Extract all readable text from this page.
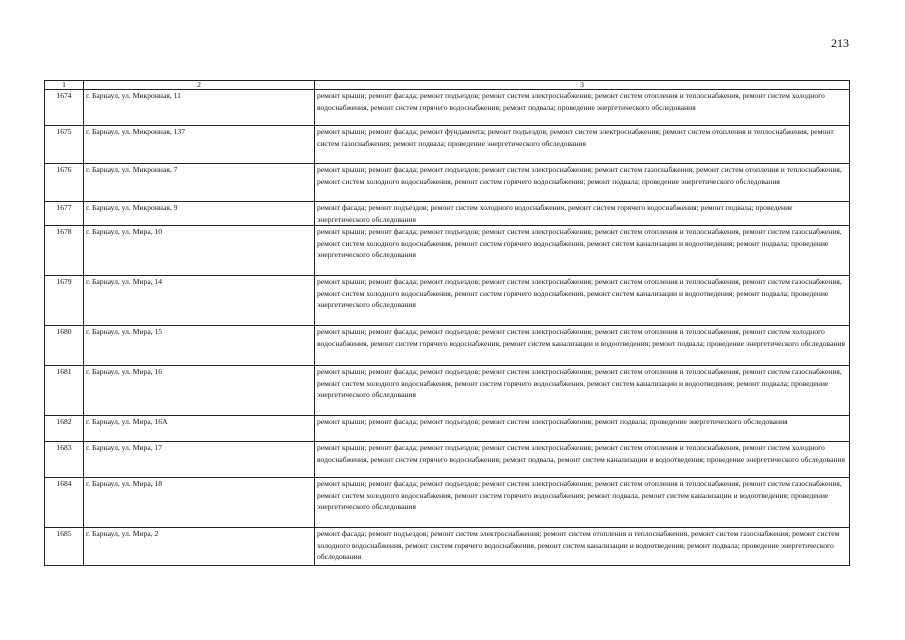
213
1	2	3
1674	г. Барнаул, ул. Микронная, 11	ремонт крыши; ремонт фасада; ремонт подъездов; ремонт систем электроснабжения; ремонт систем отопления и теплоснабжения, ремонт систем холодного водоснабжения, ремонт систем горячего водоснабжения; ремонт подвала; проведение энергетического обследования
1675	г. Барнаул, ул. Микронная, 137	ремонт крыши; ремонт фасада; ремонт фундамента; ремонт подъездов; ремонт систем электроснабжения; ремонт систем отопления и теплоснабжения, ремонт систем газоснабжения; ремонт подвала; проведение энергетического обследования
1676	г. Барнаул, ул. Микронная, 7	ремонт крыши; ремонт фасада; ремонт подъездов; ремонт систем электроснабжения; ремонт систем газоснабжения, ремонт систем отопления и теплоснабжения, ремонт систем холодного водоснабжения, ремонт систем горячего водоснабжения; ремонт подвала; проведение энергетического обследования
1677	г. Барнаул, ул. Микронная, 9	ремонт фасада; ремонт подъездов; ремонт систем холодного водоснабжения, ремонт систем горячего водоснабжения; ремонт подвала; проведение энергетического обследования
1678	г. Барнаул, ул. Мира, 10	ремонт крыши; ремонт фасада; ремонт подъездов; ремонт систем электроснабжения; ремонт систем отопления и теплоснабжения, ремонт систем газоснабжения, ремонт систем холодного водоснабжения, ремонт систем горячего водоснабжения, ремонт систем канализации и водоотведения; ремонт подвала; проведение энергетического обследования
1679	г. Барнаул, ул. Мира, 14	ремонт крыши; ремонт фасада; ремонт подъездов; ремонт систем электроснабжения; ремонт систем отопления и теплоснабжения, ремонт систем газоснабжения, ремонт систем холодного водоснабжения, ремонт систем горячего водоснабжения, ремонт систем канализации и водоотведения; ремонт подвала; проведение энергетического обследования
1680	г. Барнаул, ул. Мира, 15	ремонт крыши; ремонт фасада; ремонт подъездов; ремонт систем электроснабжения; ремонт систем отопления и теплоснабжения, ремонт систем холодного водоснабжения, ремонт систем горячего водоснабжения, ремонт систем канализации и водоотведения; ремонт подвала; проведение энергетического обследования
1681	г. Барнаул, ул. Мира, 16	ремонт крыши; ремонт фасада; ремонт подъездов; ремонт систем электроснабжения; ремонт систем отопления и теплоснабжения, ремонт систем газоснабжения, ремонт систем холодного водоснабжения, ремонт систем горячего водоснабжения, ремонт систем канализации и водоотведения; ремонт подвала; проведение энергетического обследования
1682	г. Барнаул, ул. Мира, 16А	ремонт крыши; ремонт фасада; ремонт подъездов; ремонт систем электроснабжения; ремонт подвала; проведение энергетического обследования
1683	г. Барнаул, ул. Мира, 17	ремонт крыши; ремонт фасада; ремонт подъездов; ремонт систем электроснабжения; ремонт систем отопления и теплоснабжения, ремонт систем холодного водоснабжения, ремонт систем горячего водоснабжения; ремонт подвала, ремонт систем канализации и водоотведения; проведение энергетического обследования
1684	г. Барнаул, ул. Мира, 18	ремонт крыши; ремонт фасада; ремонт подъездов; ремонт систем электроснабжения; ремонт систем отопления и теплоснабжения, ремонт систем газоснабжения, ремонт систем холодного водоснабжения, ремонт систем горячего водоснабжения; ремонт подвала, ремонт систем канализации и водоотведения; проведение энергетического обследования
1685	г. Барнаул, ул. Мира, 2	ремонт фасада; ремонт подъездов; ремонт систем электроснабжения; ремонт систем отопления и теплоснабжения, ремонт систем газоснабжения, ремонт систем холодного водоснабжения, ремонт систем горячего водоснабжения, ремонт систем канализации и водоотведения; ремонт подвала; проведение энергетического обследования
